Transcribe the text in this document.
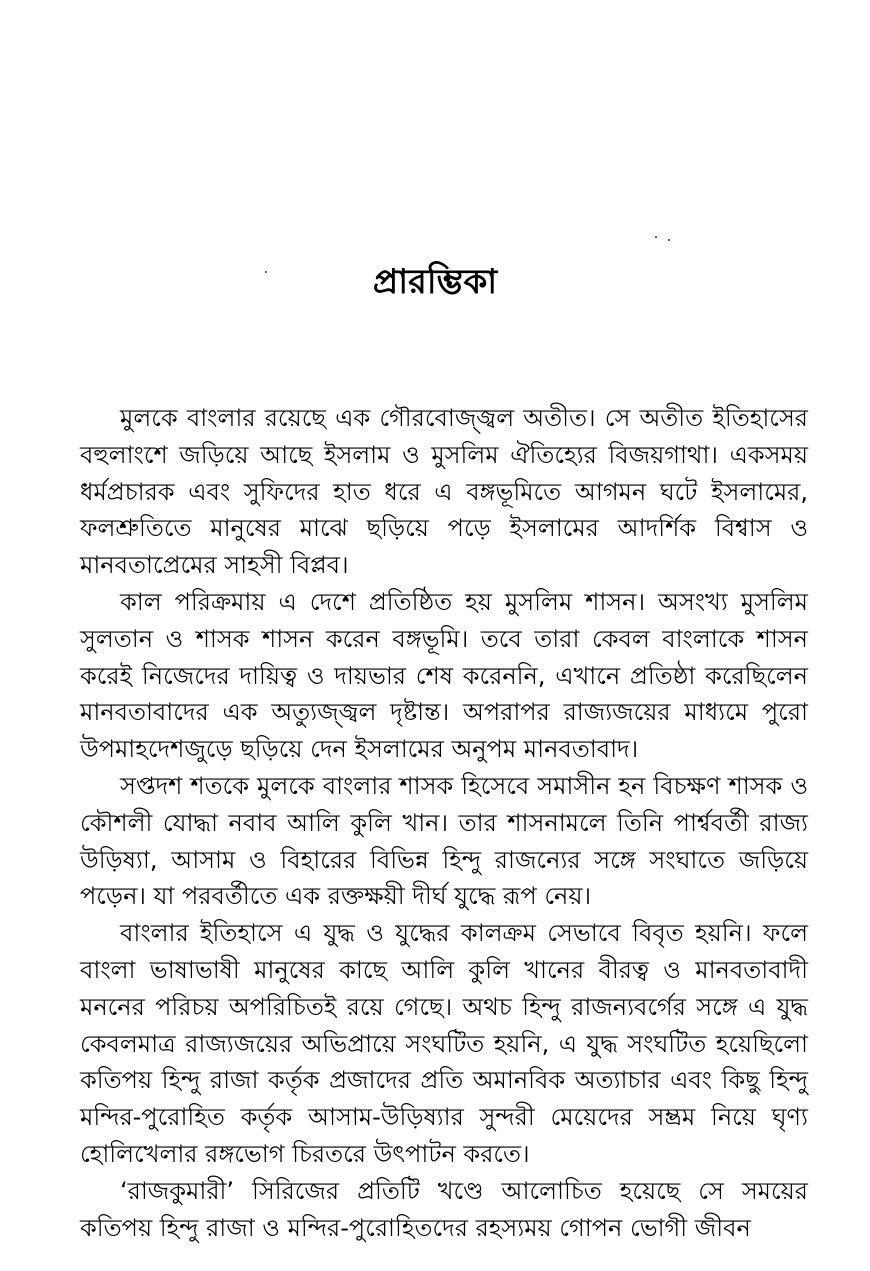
প্রারম্ভিকা

মুলকে বাংলার রয়েছে এক গৌরবোজ্জ্বল অতীত। সে অতীত ইতিহাসের বহুলাংশে জড়িয়ে আছে ইসলাম ও মুসলিম ঐতিহ্যের বিজয়গাথা। একসময় ধর্মপ্রচারক এবং সুফিদের হাত ধরে এ বঙ্গভূমিতে আগমন ঘটে ইসলামের, ফলশ্রুতিতে মানুষের মাঝে ছড়িয়ে পড়ে ইসলামের আদর্শিক বিশ্বাস ও মানবতাপ্রেমের সাহসী বিপ্লব।

কাল পরিক্রমায় এ দেশে প্রতিষ্ঠিত হয় মুসলিম শাসন। অসংখ্য মুসলিম সুলতান ও শাসক শাসন করেন বঙ্গভূমি। তবে তারা কেবল বাংলাকে শাসন করেই নিজেদের দায়িত্ব ও দায়ভার শেষ করেননি, এখানে প্রতিষ্ঠা করেছিলেন মানবতাবাদের এক অত্যুজ্জ্বল দৃষ্টান্ত। অপরাপর রাজ্যজয়ের মাধ্যমে পুরো উপমাহদেশজুড়ে ছড়িয়ে দেন ইসলামের অনুপম মানবতাবাদ।

সপ্তদশ শতকে মুলকে বাংলার শাসক হিসেবে সমাসীন হন বিচক্ষণ শাসক ও কৌশলী যোদ্ধা নবাব আলি কুলি খান। তার শাসনামলে তিনি পার্শ্ববর্তী রাজ্য উড়িষ্যা, আসাম ও বিহারের বিভিন্ন হিন্দু রাজন্যের সঙ্গে সংঘাতে জড়িয়ে পড়েন। যা পরবর্তীতে এক রক্তক্ষয়ী দীর্ঘ যুদ্ধে রূপ নেয়।

বাংলার ইতিহাসে এ যুদ্ধ ও যুদ্ধের কালক্রম সেভাবে বিবৃত হয়নি। ফলে বাংলা ভাষাভাষী মানুষের কাছে আলি কুলি খানের বীরত্ব ও মানবতাবাদী মননের পরিচয় অপরিচিতই রয়ে গেছে। অথচ হিন্দু রাজন্যবর্গের সঙ্গে এ যুদ্ধ কেবলমাত্র রাজ্যজয়ের অভিপ্রায়ে সংঘটিত হয়নি, এ যুদ্ধ সংঘটিত হয়েছিলো কতিপয় হিন্দু রাজা কর্তৃক প্রজাদের প্রতি অমানবিক অত্যাচার এবং কিছু হিন্দু মন্দির-পুরোহিত কর্তৃক আসাম-উড়িষ্যার সুন্দরী মেয়েদের সম্ভ্রম নিয়ে ঘৃণ্য হোলিখেলার রঙ্গভোগ চিরতরে উৎপাটন করতে।

‘রাজকুমারী’ সিরিজের প্রতিটি খণ্ডে আলোচিত হয়েছে সে সময়ের কতিপয় হিন্দু রাজা ও মন্দির-পুরোহিতদের রহস্যময় গোপন ভোগী জীবন
